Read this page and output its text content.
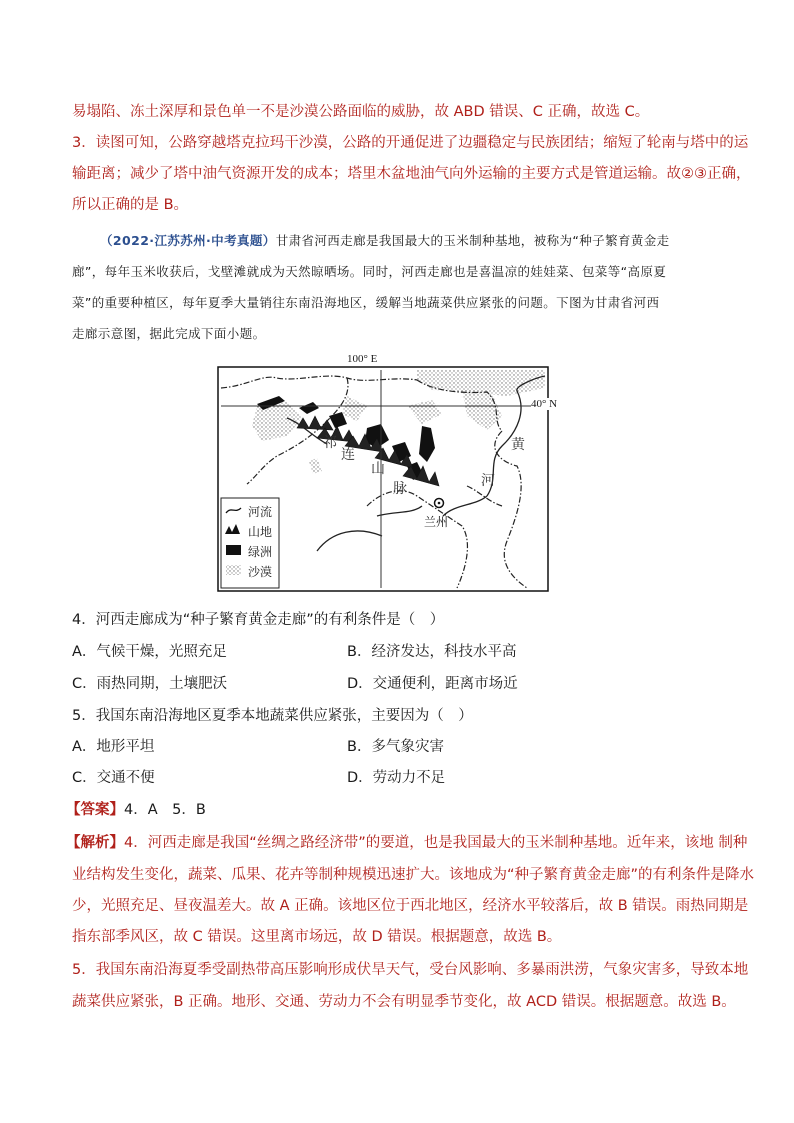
易塌陷、冻土深厚和景色单一不是沙漠公路面临的威胁，故 ABD 错误、C 正确，故选 C。
3．读图可知，公路穿越塔克拉玛干沙漠，公路的开通促进了边疆稳定与民族团结；缩短了轮南与塔中的运
输距离；减少了塔中油气资源开发的成本；塔里木盆地油气向外运输的主要方式是管道运输。故②③正确，
所以正确的是 B。
（2022·江苏苏州·中考真题）甘肃省河西走廊是我国最大的玉米制种基地，被称为“种子繁育黄金走
廊”，每年玉米收获后，戈壁滩就成为天然晾晒场。同时，河西走廊也是喜温凉的娃娃菜、包菜等“高原夏
菜”的重要种植区，每年夏季大量销往东南沿海地区，缓解当地蔬菜供应紧张的问题。下图为甘肃省河西
走廊示意图，据此完成下面小题。
100° E
40° N
黄
河
祁
连
山
脉
兰州
河流
山地
绿洲
沙漠
4．河西走廊成为“种子繁育黄金走廊”的有利条件是（　）
A．气候干燥，光照充足	B．经济发达，科技水平高
C．雨热同期，土壤肥沃	D．交通便利，距离市场近
5．我国东南沿海地区夏季本地蔬菜供应紧张，主要因为（　）
A．地形平坦	B．多气象灾害
C．交通不便	D．劳动力不足
【答案】4．A　5．B
【解析】4．河西走廊是我国“丝绸之路经济带”的要道，也是我国最大的玉米制种基地。近年来，该地 制种
业结构发生变化，蔬菜、瓜果、花卉等制种规模迅速扩大。该地成为“种子繁育黄金走廊”的有利条件是降水
少，光照充足、昼夜温差大。故 A 正确。该地区位于西北地区，经济水平较落后，故 B 错误。雨热同期是
指东部季风区，故 C 错误。这里离市场远，故 D 错误。根据题意，故选 B。
5．我国东南沿海夏季受副热带高压影响形成伏旱天气，受台风影响、多暴雨洪涝，气象灾害多，导致本地
蔬菜供应紧张，B 正确。地形、交通、劳动力不会有明显季节变化，故 ACD 错误。根据题意。故选 B。
